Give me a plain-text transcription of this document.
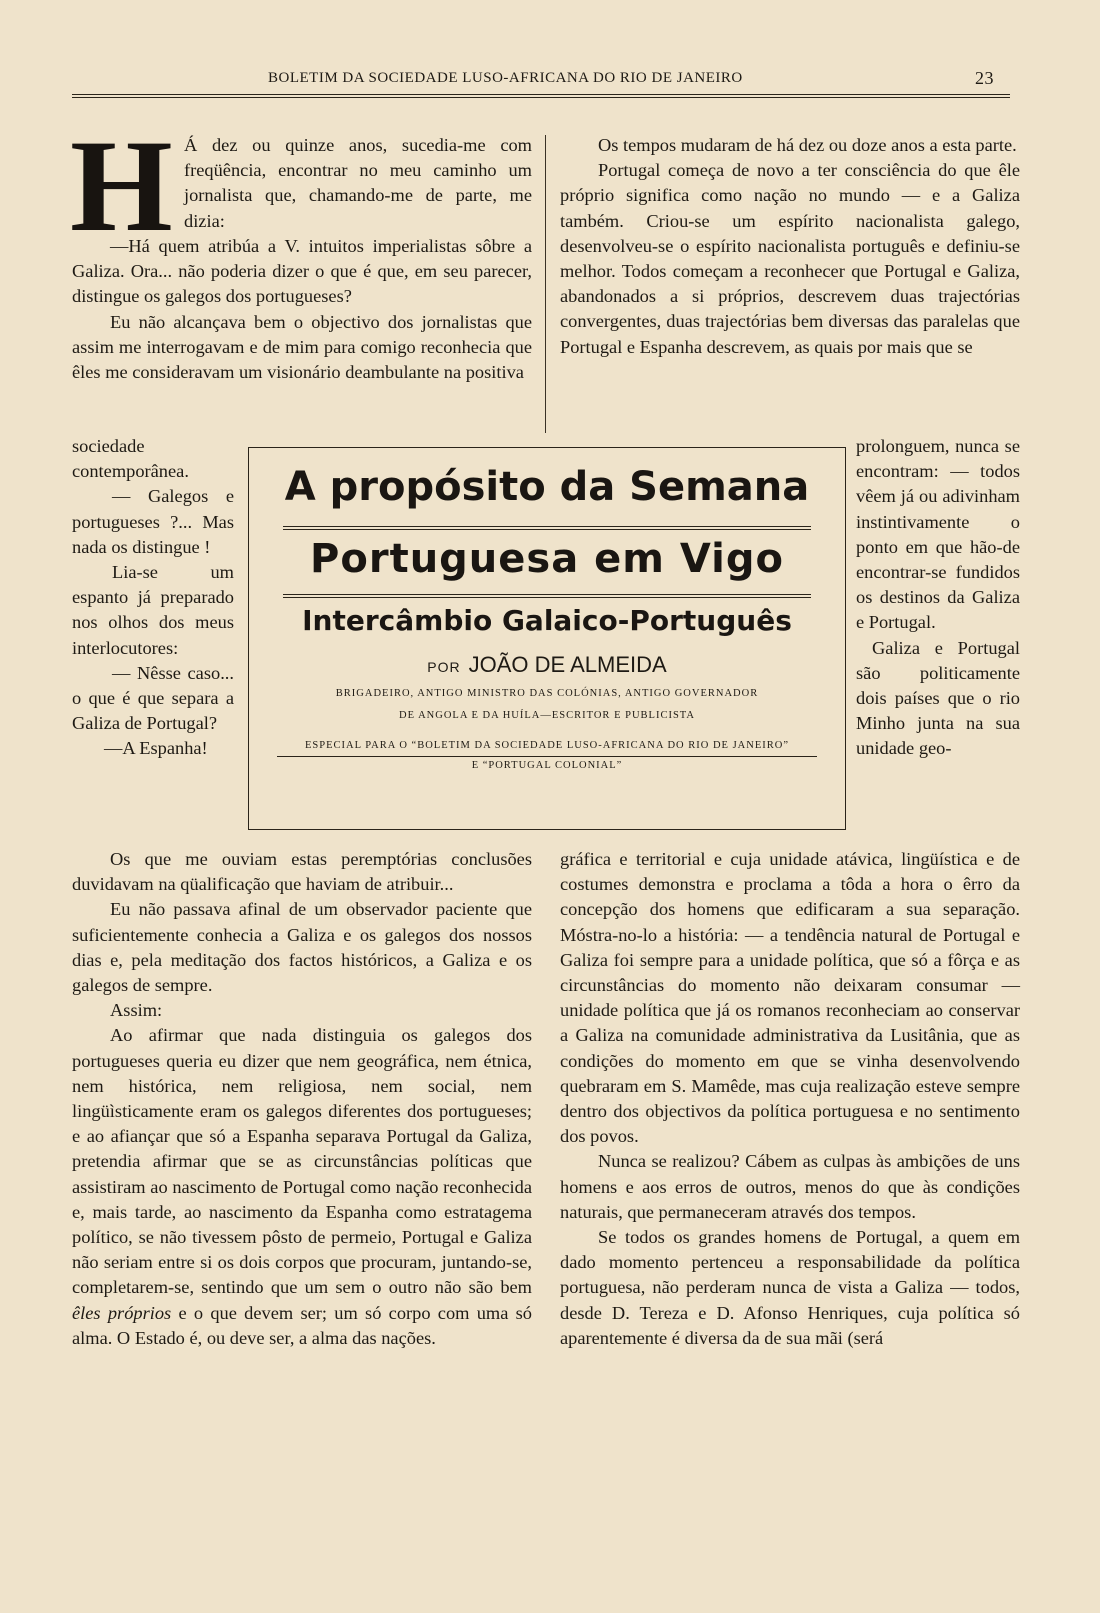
BOLETIM DA SOCIEDADE LUSO-AFRICANA DO RIO DE JANEIRO	23
H Á dez ou quinze anos, sucedia-me com freqüência, encontrar no meu caminho um jornalista que, chamando-me de parte, me dizia:

—Há quem atribúa a V. intuitos imperialistas sôbre a Galiza. Ora... não poderia dizer o que é que, em seu parecer, distingue os galegos dos portugueses?

Eu não alcançava bem o objectivo dos jornalistas que assim me interrogavam e de mim para comigo reconhecia que êles me consideravam um visionário deambulante na positiva

Os tempos mudaram de há dez ou doze anos a esta parte.

Portugal começa de novo a ter consciência do que êle próprio significa como nação no mundo — e a Galiza também. Criou-se um espírito nacionalista galego, desenvolveu-se o espírito nacionalista português e definiu-se melhor. Todos começam a reconhecer que Portugal e Galiza, abandonados a si próprios, descrevem duas trajectórias convergentes, duas trajectórias bem diversas das paralelas que Portugal e Espanha descrevem, as quais por mais que se

sociedade contemporânea.

— Galegos e portugueses ?... Mas nada os distingue !

Lia-se um espanto já preparado nos olhos dos meus interlocutores:

— Nêsse caso... o que é que separa a Galiza de Portugal?

—A Espanha!

prolonguem, nunca se encontram: — todos vêem já ou adivinham instintivamente o ponto em que hão-de encontrar-se fundidos os destinos da Galiza e Portugal.

Galiza e Portugal são politicamente dois países que o rio Minho junta na sua unidade geo-

A propósito da Semana
Portuguesa em Vigo
Intercâmbio Galaico-Português
POR JOÃO DE ALMEIDA
BRIGADEIRO, ANTIGO MINISTRO DAS COLÓNIAS, ANTIGO GOVERNADOR
DE ANGOLA E DA HUÍLA—ESCRITOR E PUBLICISTA
ESPECIAL PARA O “BOLETIM DA SOCIEDADE LUSO-AFRICANA DO RIO DE JANEIRO”
E “PORTUGAL COLONIAL”

Os que me ouviam estas peremptórias conclusões duvidavam na qüalificação que haviam de atribuir...

Eu não passava afinal de um observador paciente que suficientemente conhecia a Galiza e os galegos dos nossos dias e, pela meditação dos factos históricos, a Galiza e os galegos de sempre.

Assim:

Ao afirmar que nada distinguia os galegos dos portugueses queria eu dizer que nem geográfica, nem étnica, nem histórica, nem religiosa, nem social, nem lingüìsticamente eram os galegos diferentes dos portugueses; e ao afiançar que só a Espanha separava Portugal da Galiza, pretendia afirmar que se as circunstâncias políticas que assistiram ao nascimento de Portugal como nação reconhecida e, mais tarde, ao nascimento da Espanha como estratagema político, se não tivessem pôsto de permeio, Portugal e Galiza não seriam entre si os dois corpos que procuram, juntando-se, completarem-se, sentindo que um sem o outro não são bem êles próprios e o que devem ser; um só corpo com uma só alma. O Estado é, ou deve ser, a alma das nações.

gráfica e territorial e cuja unidade atávica, lingüística e de costumes demonstra e proclama a tôda a hora o êrro da concepção dos homens que edificaram a sua separação. Móstra-no-lo a história: — a tendência natural de Portugal e Galiza foi sempre para a unidade política, que só a fôrça e as circunstâncias do momento não deixaram consumar — unidade política que já os romanos reconheciam ao conservar a Galiza na comunidade administrativa da Lusitânia, que as condições do momento em que se vinha desenvolvendo quebraram em S. Mamêde, mas cuja realização esteve sempre dentro dos objectivos da política portuguesa e no sentimento dos povos.

Nunca se realizou? Cábem as culpas às ambições de uns homens e aos erros de outros, menos do que às condições naturais, que permaneceram através dos tempos.

Se todos os grandes homens de Portugal, a quem em dado momento pertenceu a responsabilidade da política portuguesa, não perderam nunca de vista a Galiza — todos, desde D. Tereza e D. Afonso Henriques, cuja política só aparentemente é diversa da de sua mãi (será
